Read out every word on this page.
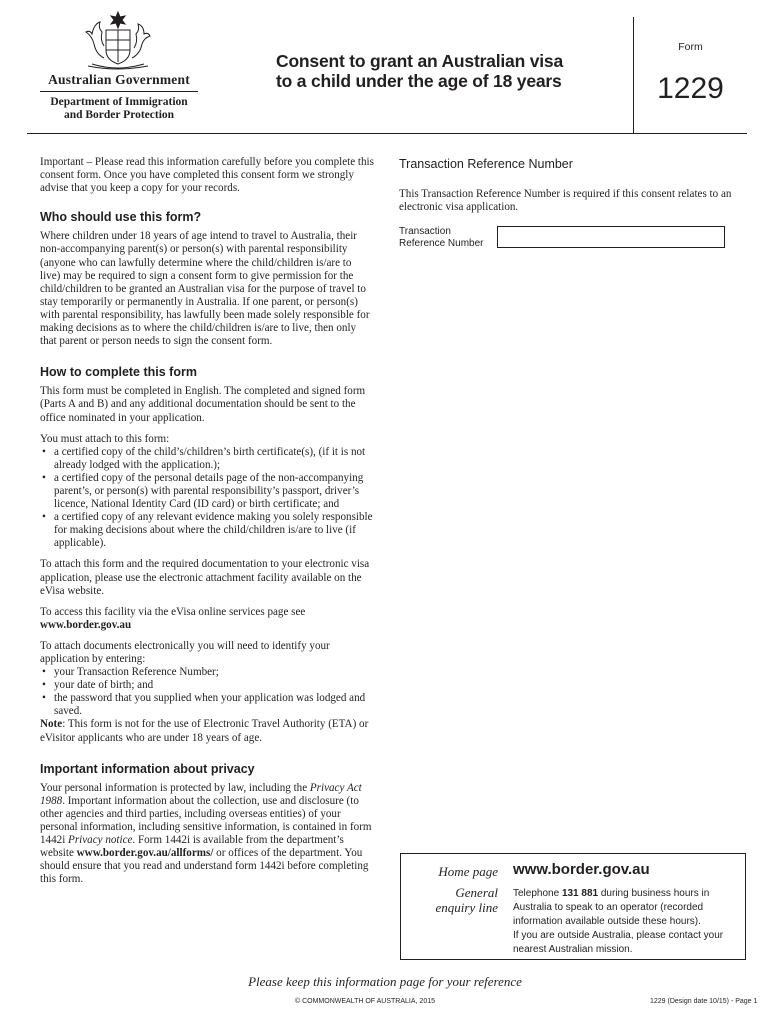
Australian Government
Department of Immigration
and Border Protection
Consent to grant an Australian visa
to a child under the age of 18 years
Form
1229

Important – Please read this information carefully before you complete this consent form. Once you have completed this consent form we strongly advise that you keep a copy for your records.

Who should use this form?

Where children under 18 years of age intend to travel to Australia, their non-accompanying parent(s) or person(s) with parental responsibility (anyone who can lawfully determine where the child/children is/are to live) may be required to sign a consent form to give permission for the child/children to be granted an Australian visa for the purpose of travel to stay temporarily or permanently in Australia. If one parent, or person(s) with parental responsibility, has lawfully been made solely responsible for making decisions as to where the child/children is/are to live, then only that parent or person needs to sign the consent form.

How to complete this form

This form must be completed in English. The completed and signed form (Parts A and B) and any additional documentation should be sent to the office nominated in your application.

You must attach to this form:

• a certified copy of the child’s/children’s birth certificate(s), (if it is not already lodged with the application.);
• a certified copy of the personal details page of the non-accompanying parent’s, or person(s) with parental responsibility’s passport, driver’s licence, National Identity Card (ID card) or birth certificate; and
• a certified copy of any relevant evidence making you solely responsible for making decisions about where the child/children is/are to live (if applicable).

To attach this form and the required documentation to your electronic visa application, please use the electronic attachment facility available on the eVisa website.

To access this facility via the eVisa online services page see
www.border.gov.au

To attach documents electronically you will need to identify your application by entering:

• your Transaction Reference Number;
• your date of birth; and
• the password that you supplied when your application was lodged and saved.

Note: This form is not for the use of Electronic Travel Authority (ETA) or eVisitor applicants who are under 18 years of age.

Important information about privacy

Your personal information is protected by law, including the Privacy Act 1988. Important information about the collection, use and disclosure (to other agencies and third parties, including overseas entities) of your personal information, including sensitive information, is contained in form 1442i Privacy notice. Form 1442i is available from the department’s website www.border.gov.au/allforms/ or offices of the department. You should ensure that you read and understand form 1442i before completing this form.

Transaction Reference Number
This Transaction Reference Number is required if this consent relates to an electronic visa application.
Transaction
Reference Number
Home page www.border.gov.au
General
enquiry line
Telephone 131 881 during business hours in Australia to speak to an operator (recorded information available outside these hours).
If you are outside Australia, please contact your nearest Australian mission.
Please keep this information page for your reference
© COMMONWEALTH OF AUSTRALIA, 2015	1229 (Design date 10/15) - Page 1
